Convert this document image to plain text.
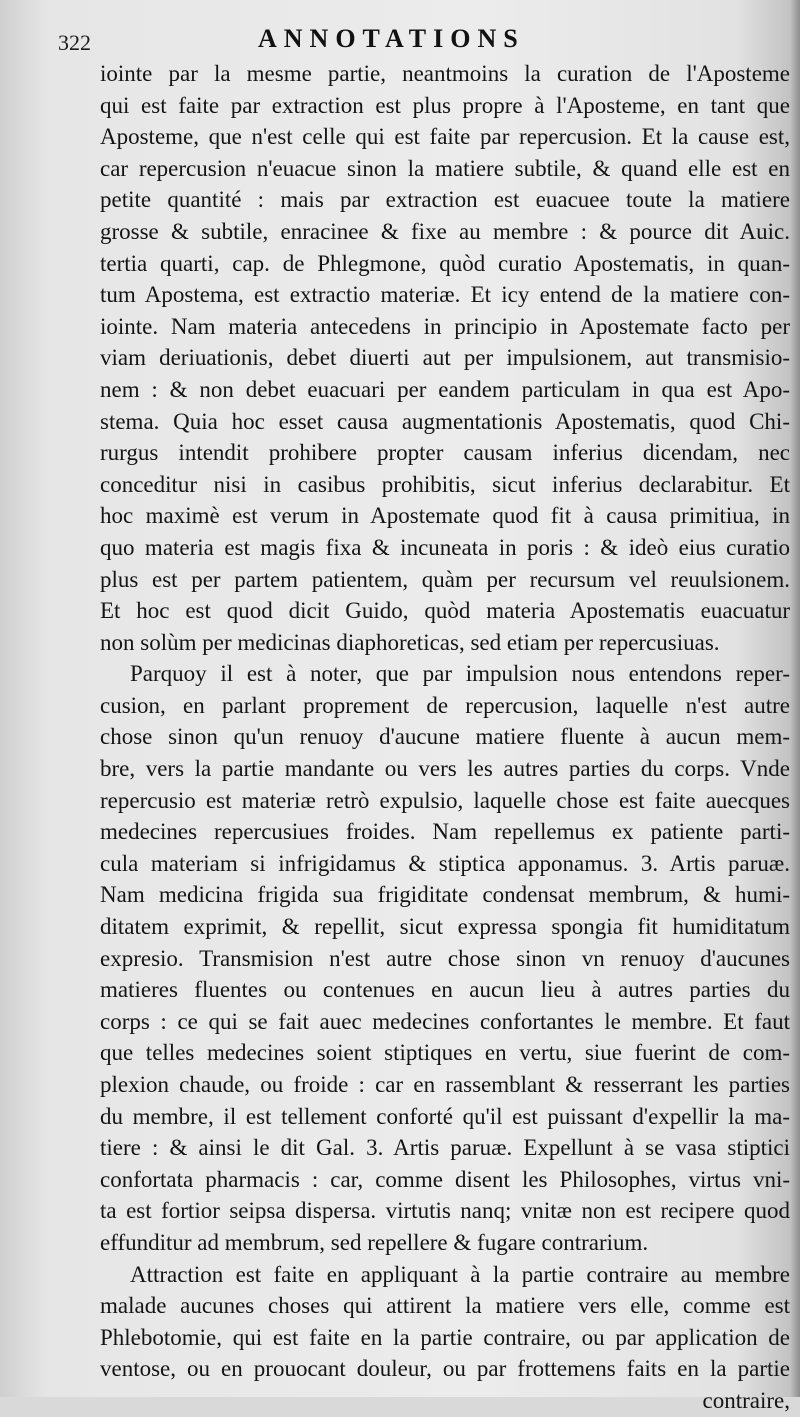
322	ANNOTATIONS
iointe par la mesme partie, neantmoins la curation de l'Aposteme
qui est faite par extraction est plus propre à l'Aposteme, en tant que
Aposteme, que n'est celle qui est faite par repercusion. Et la cause est,
car repercusion n'euacue sinon la matiere subtile, & quand elle est en
petite quantité : mais par extraction est euacuee toute la matiere
grosse & subtile, enracinee & fixe au membre : & pource dit Auic.
tertia quarti, cap. de Phlegmone, quòd curatio Apostematis, in quan-
tum Apostema, est extractio materiæ. Et icy entend de la matiere con-
iointe. Nam materia antecedens in principio in Apostemate facto per
viam deriuationis, debet diuerti aut per impulsionem, aut transmisio-
nem : & non debet euacuari per eandem particulam in qua est Apo-
stema. Quia hoc esset causa augmentationis Apostematis, quod Chi-
rurgus intendit prohibere propter causam inferius dicendam, nec
conceditur nisi in casibus prohibitis, sicut inferius declarabitur. Et
hoc maximè est verum in Apostemate quod fit à causa primitiua, in
quo materia est magis fixa & incuneata in poris : & ideò eius curatio
plus est per partem patientem, quàm per recursum vel reuulsionem.
Et hoc est quod dicit Guido, quòd materia Apostematis euacuatur
non solùm per medicinas diaphoreticas, sed etiam per repercusiuas.
Parquoy il est à noter, que par impulsion nous entendons reper-
cusion, en parlant proprement de repercusion, laquelle n'est autre
chose sinon qu'un renuoy d'aucune matiere fluente à aucun mem-
bre, vers la partie mandante ou vers les autres parties du corps. Vnde
repercusio est materiæ retrò expulsio, laquelle chose est faite auecques
medecines repercusiues froides. Nam repellemus ex patiente parti-
cula materiam si infrigidamus & stiptica apponamus. 3. Artis paruæ.
Nam medicina frigida sua frigiditate condensat membrum, & humi-
ditatem exprimit, & repellit, sicut expressa spongia fit humiditatum
expresio. Transmision n'est autre chose sinon vn renuoy d'aucunes
matieres fluentes ou contenues en aucun lieu à autres parties du
corps : ce qui se fait auec medecines confortantes le membre. Et faut
que telles medecines soient stiptiques en vertu, siue fuerint de com-
plexion chaude, ou froide : car en rassemblant & resserrant les parties
du membre, il est tellement conforté qu'il est puissant d'expellir la ma-
tiere : & ainsi le dit Gal. 3. Artis paruæ. Expellunt à se vasa stiptici
confortata pharmacis : car, comme disent les Philosophes, virtus vni-
ta est fortior seipsa dispersa. virtutis nanq; vnitæ non est recipere quod
effunditur ad membrum, sed repellere & fugare contrarium.
Attraction est faite en appliquant à la partie contraire au membre
malade aucunes choses qui attirent la matiere vers elle, comme est
Phlebotomie, qui est faite en la partie contraire, ou par application de
ventose, ou en prouocant douleur, ou par frottemens faits en la partie
contraire,
